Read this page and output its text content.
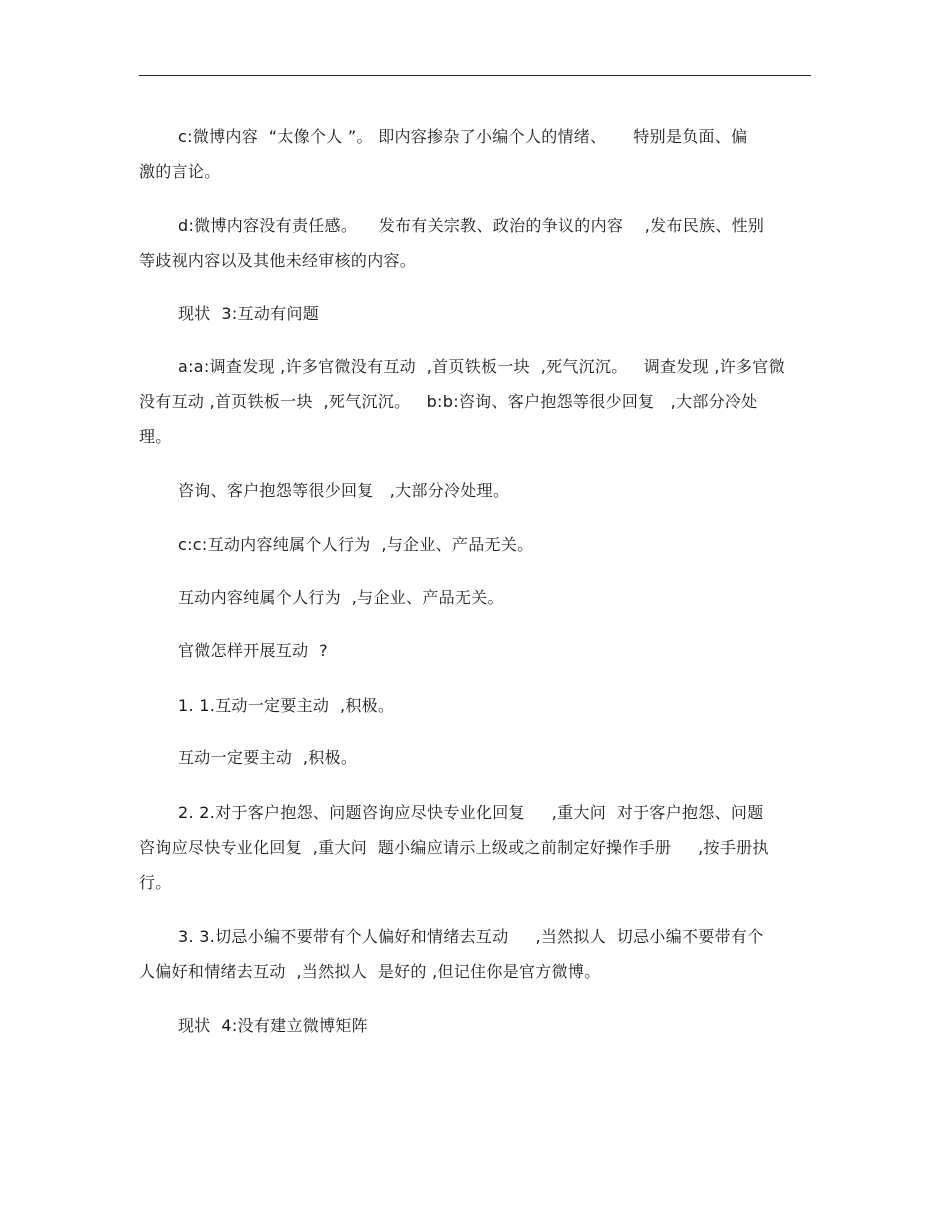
c:微博内容  “太像个人 ”。 即内容掺杂了小编个人的情绪、     特别是负面、偏
激的言论。
d:微博内容没有责任感。    发布有关宗教、政治的争议的内容    ,发布民族、性别
等歧视内容以及其他未经审核的内容。
现状  3:互动有问题
a:a:调查发现 ,许多官微没有互动  ,首页铁板一块  ,死气沉沉。   调查发现 ,许多官微
没有互动 ,首页铁板一块  ,死气沉沉。   b:b:咨询、客户抱怨等很少回复   ,大部分冷处
理。
咨询、客户抱怨等很少回复   ,大部分冷处理。
c:c:互动内容纯属个人行为  ,与企业、产品无关。
互动内容纯属个人行为  ,与企业、产品无关。
官微怎样开展互动  ?
1. 1.互动一定要主动  ,积极。
互动一定要主动  ,积极。
2. 2.对于客户抱怨、问题咨询应尽快专业化回复     ,重大问  对于客户抱怨、问题
咨询应尽快专业化回复  ,重大问  题小编应请示上级或之前制定好操作手册     ,按手册执
行。
3. 3.切忌小编不要带有个人偏好和情绪去互动     ,当然拟人  切忌小编不要带有个
人偏好和情绪去互动  ,当然拟人  是好的 ,但记住你是官方微博。
现状  4:没有建立微博矩阵
